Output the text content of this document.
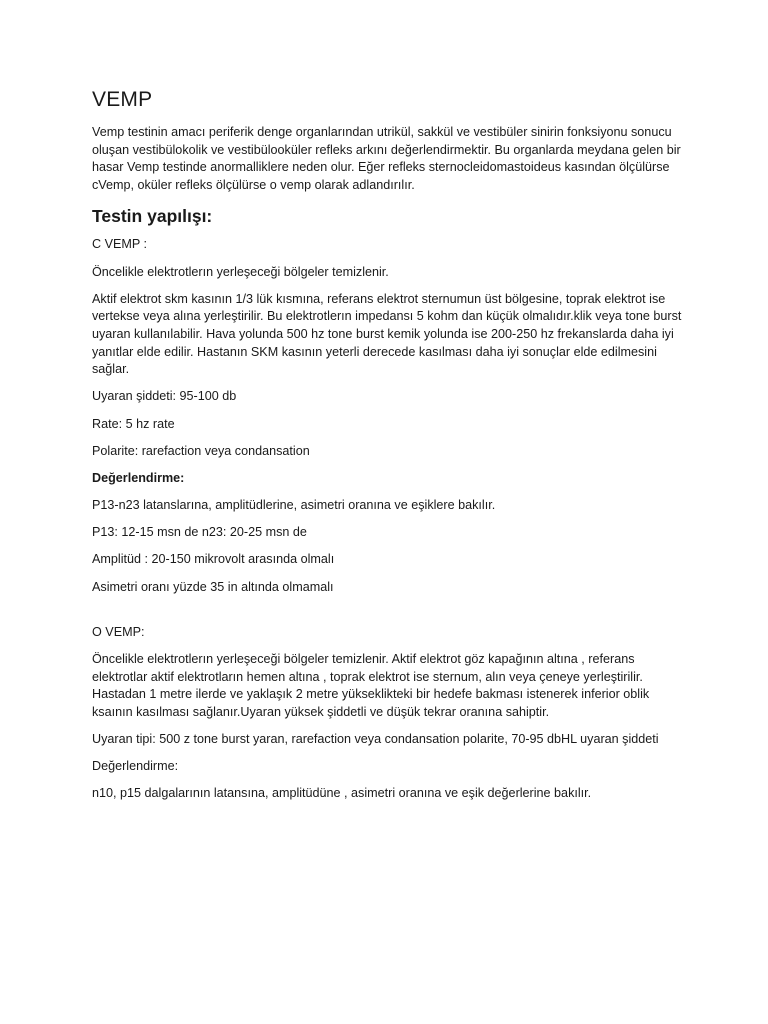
VEMP

Vemp testinin amacı periferik denge organlarından utrikül, sakkül ve vestibüler sinirin fonksiyonu sonucu oluşan vestibülokolik ve vestibülooküler refleks arkını değerlendirmektir. Bu organlarda meydana gelen bir hasar Vemp testinde anormalliklere neden olur. Eğer refleks sternocleidomastoideus kasından ölçülürse cVemp, oküler refleks ölçülürse o vemp olarak adlandırılır.

Testin yapılışı:

C VEMP :

Öncelikle elektrotlerın yerleşeceği bölgeler temizlenir.

Aktif elektrot skm kasının 1/3 lük kısmına, referans elektrot sternumun üst bölgesine, toprak elektrot ise vertekse veya alına yerleştirilir. Bu elektrotlerın impedansı 5 kohm dan küçük olmalıdır.klik veya tone burst uyaran kullanılabilir. Hava yolunda 500 hz tone burst kemik yolunda ise 200-250 hz frekanslarda daha iyi yanıtlar elde edilir. Hastanın SKM kasının yeterli derecede kasılması daha iyi sonuçlar elde edilmesini sağlar.

Uyaran şiddeti: 95-100 db

Rate: 5 hz rate

Polarite: rarefaction veya condansation

Değerlendirme:

P13-n23 latanslarına, amplitüdlerine, asimetri oranına ve eşiklere bakılır.

P13: 12-15 msn de n23: 20-25 msn de

Amplitüd : 20-150 mikrovolt arasında olmalı

Asimetri oranı yüzde 35 in altında olmamalı

O VEMP:

Öncelikle elektrotlerın yerleşeceği bölgeler temizlenir. Aktif elektrot göz kapağının altına , referans elektrotlar aktif elektrotların hemen altına , toprak elektrot ise sternum, alın veya çeneye yerleştirilir. Hastadan 1 metre ilerde ve yaklaşık 2 metre yükseklikteki bir hedefe bakması istenerek inferior oblik ksaının kasılması sağlanır.Uyaran yüksek şiddetli ve düşük tekrar oranına sahiptir.

Uyaran tipi: 500 z tone burst yaran, rarefaction veya condansation polarite, 70-95 dbHL uyaran şiddeti

Değerlendirme:

n10, p15 dalgalarının latansına, amplitüdüne , asimetri oranına ve eşik değerlerine bakılır.
